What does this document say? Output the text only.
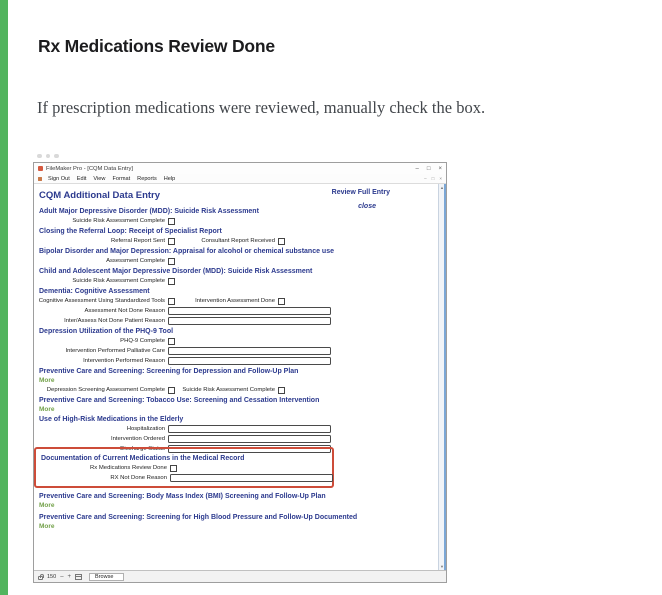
Rx Medications Review Done

If prescription medications were reviewed, manually check the box.

FileMaker Pro - [CQM Data Entry]	– □ ×
Sign Out Edit View Format Reports Help	– □ ×
CQM Additional Data Entry	Review Full Entry
close
Adult Major Depressive Disorder (MDD): Suicide Risk Assessment
Suicide Risk Assessment Complete
Closing the Referral Loop: Receipt of Specialist Report
Referral Report Sent	Consultant Report Received
Bipolar Disorder and Major Depression: Appraisal for alcohol or chemical substance use
Assessment Complete
Child and Adolescent Major Depressive Disorder (MDD): Suicide Risk Assessment
Suicide Risk Assessment Complete
Dementia: Cognitive Assessment
Cognitive Assessment Using Standardized Tools	Intervention Assessment Done
Assessment Not Done Reason
Inter/Assess Not Done Patient Reason
Depression Utilization of the PHQ-9 Tool
PHQ-9 Complete
Intervention Performed Palliative Care
Intervention Performed Reason
Preventive Care and Screening: Screening for Depression and Follow-Up Plan
More
Depression Screening Assessment Complete	Suicide Risk Assessment Complete
Preventive Care and Screening: Tobacco Use: Screening and Cessation Intervention
More
Use of High-Risk Medications in the Elderly
Hospitalization
Intervention Ordered
Discharge Status
Documentation of Current Medications in the Medical Record
Rx Medications Review Done
RX Not Done Reason
Preventive Care and Screening: Body Mass Index (BMI) Screening and Follow-Up Plan
More
Preventive Care and Screening: Screening for High Blood Pressure and Follow-Up Documented
More
▲
▼
150 – +	Browse
